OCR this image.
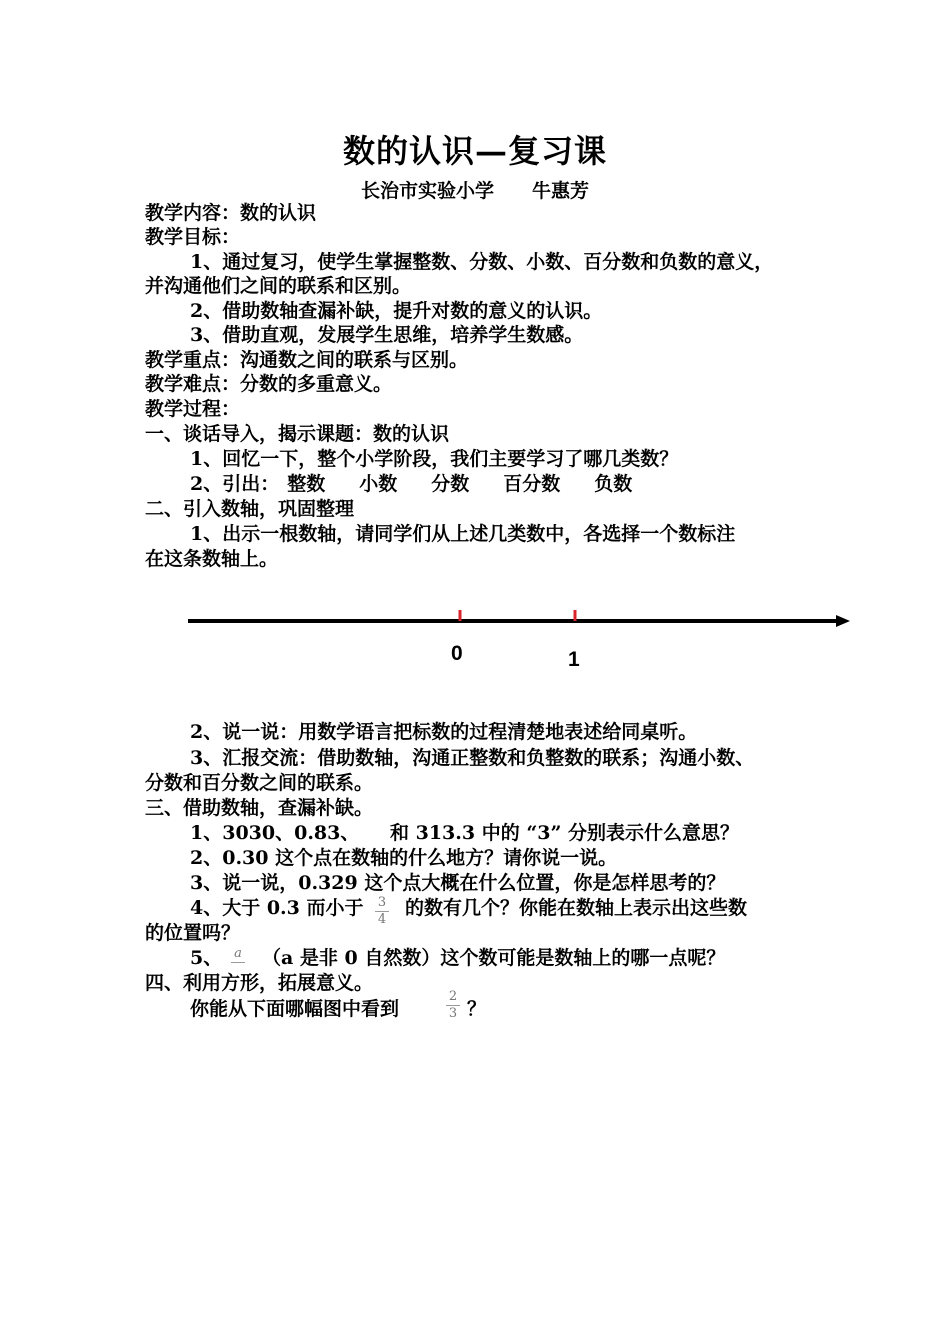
数的认识—复习课
长治市实验小学 牛惠芳
教学内容：数的认识
教学目标：
1、通过复习，使学生掌握整数、分数、小数、百分数和负数的意义，
并沟通他们之间的联系和区别。
2、借助数轴查漏补缺，提升对数的意义的认识。
3、借助直观，发展学生思维，培养学生数感。
教学重点：沟通数之间的联系与区别。
教学难点：分数的多重意义。
教学过程：
一、谈话导入，揭示课题：数的认识
1、回忆一下，整个小学阶段，我们主要学习了哪几类数？
2、引出： 整数 小数 分数 百分数 负数
二、引入数轴，巩固整理
1、出示一根数轴，请同学们从上述几类数中，各选择一个数标注
在这条数轴上。
0	1
2、说一说：用数学语言把标数的过程清楚地表述给同桌听。
3、汇报交流：借助数轴，沟通正整数和负整数的联系；沟通小数、
分数和百分数之间的联系。
三、借助数轴，查漏补缺。
1、3030、0.83、 和 313.3 中的 “3” 分别表示什么意思？
2、0.30 这个点在数轴的什么地方？请你说一说。
3、说一说，0.329 这个点大概在什么位置，你是怎样思考的？
4、大于 0.3 而小于 3
4
的数有几个？你能在数轴上表示出这些数
的位置吗？
5、 a （a 是非 0 自然数）这个数可能是数轴上的哪一点呢？
四、利用方形，拓展意义。
你能从下面哪幅图中看到
2
3 ？
